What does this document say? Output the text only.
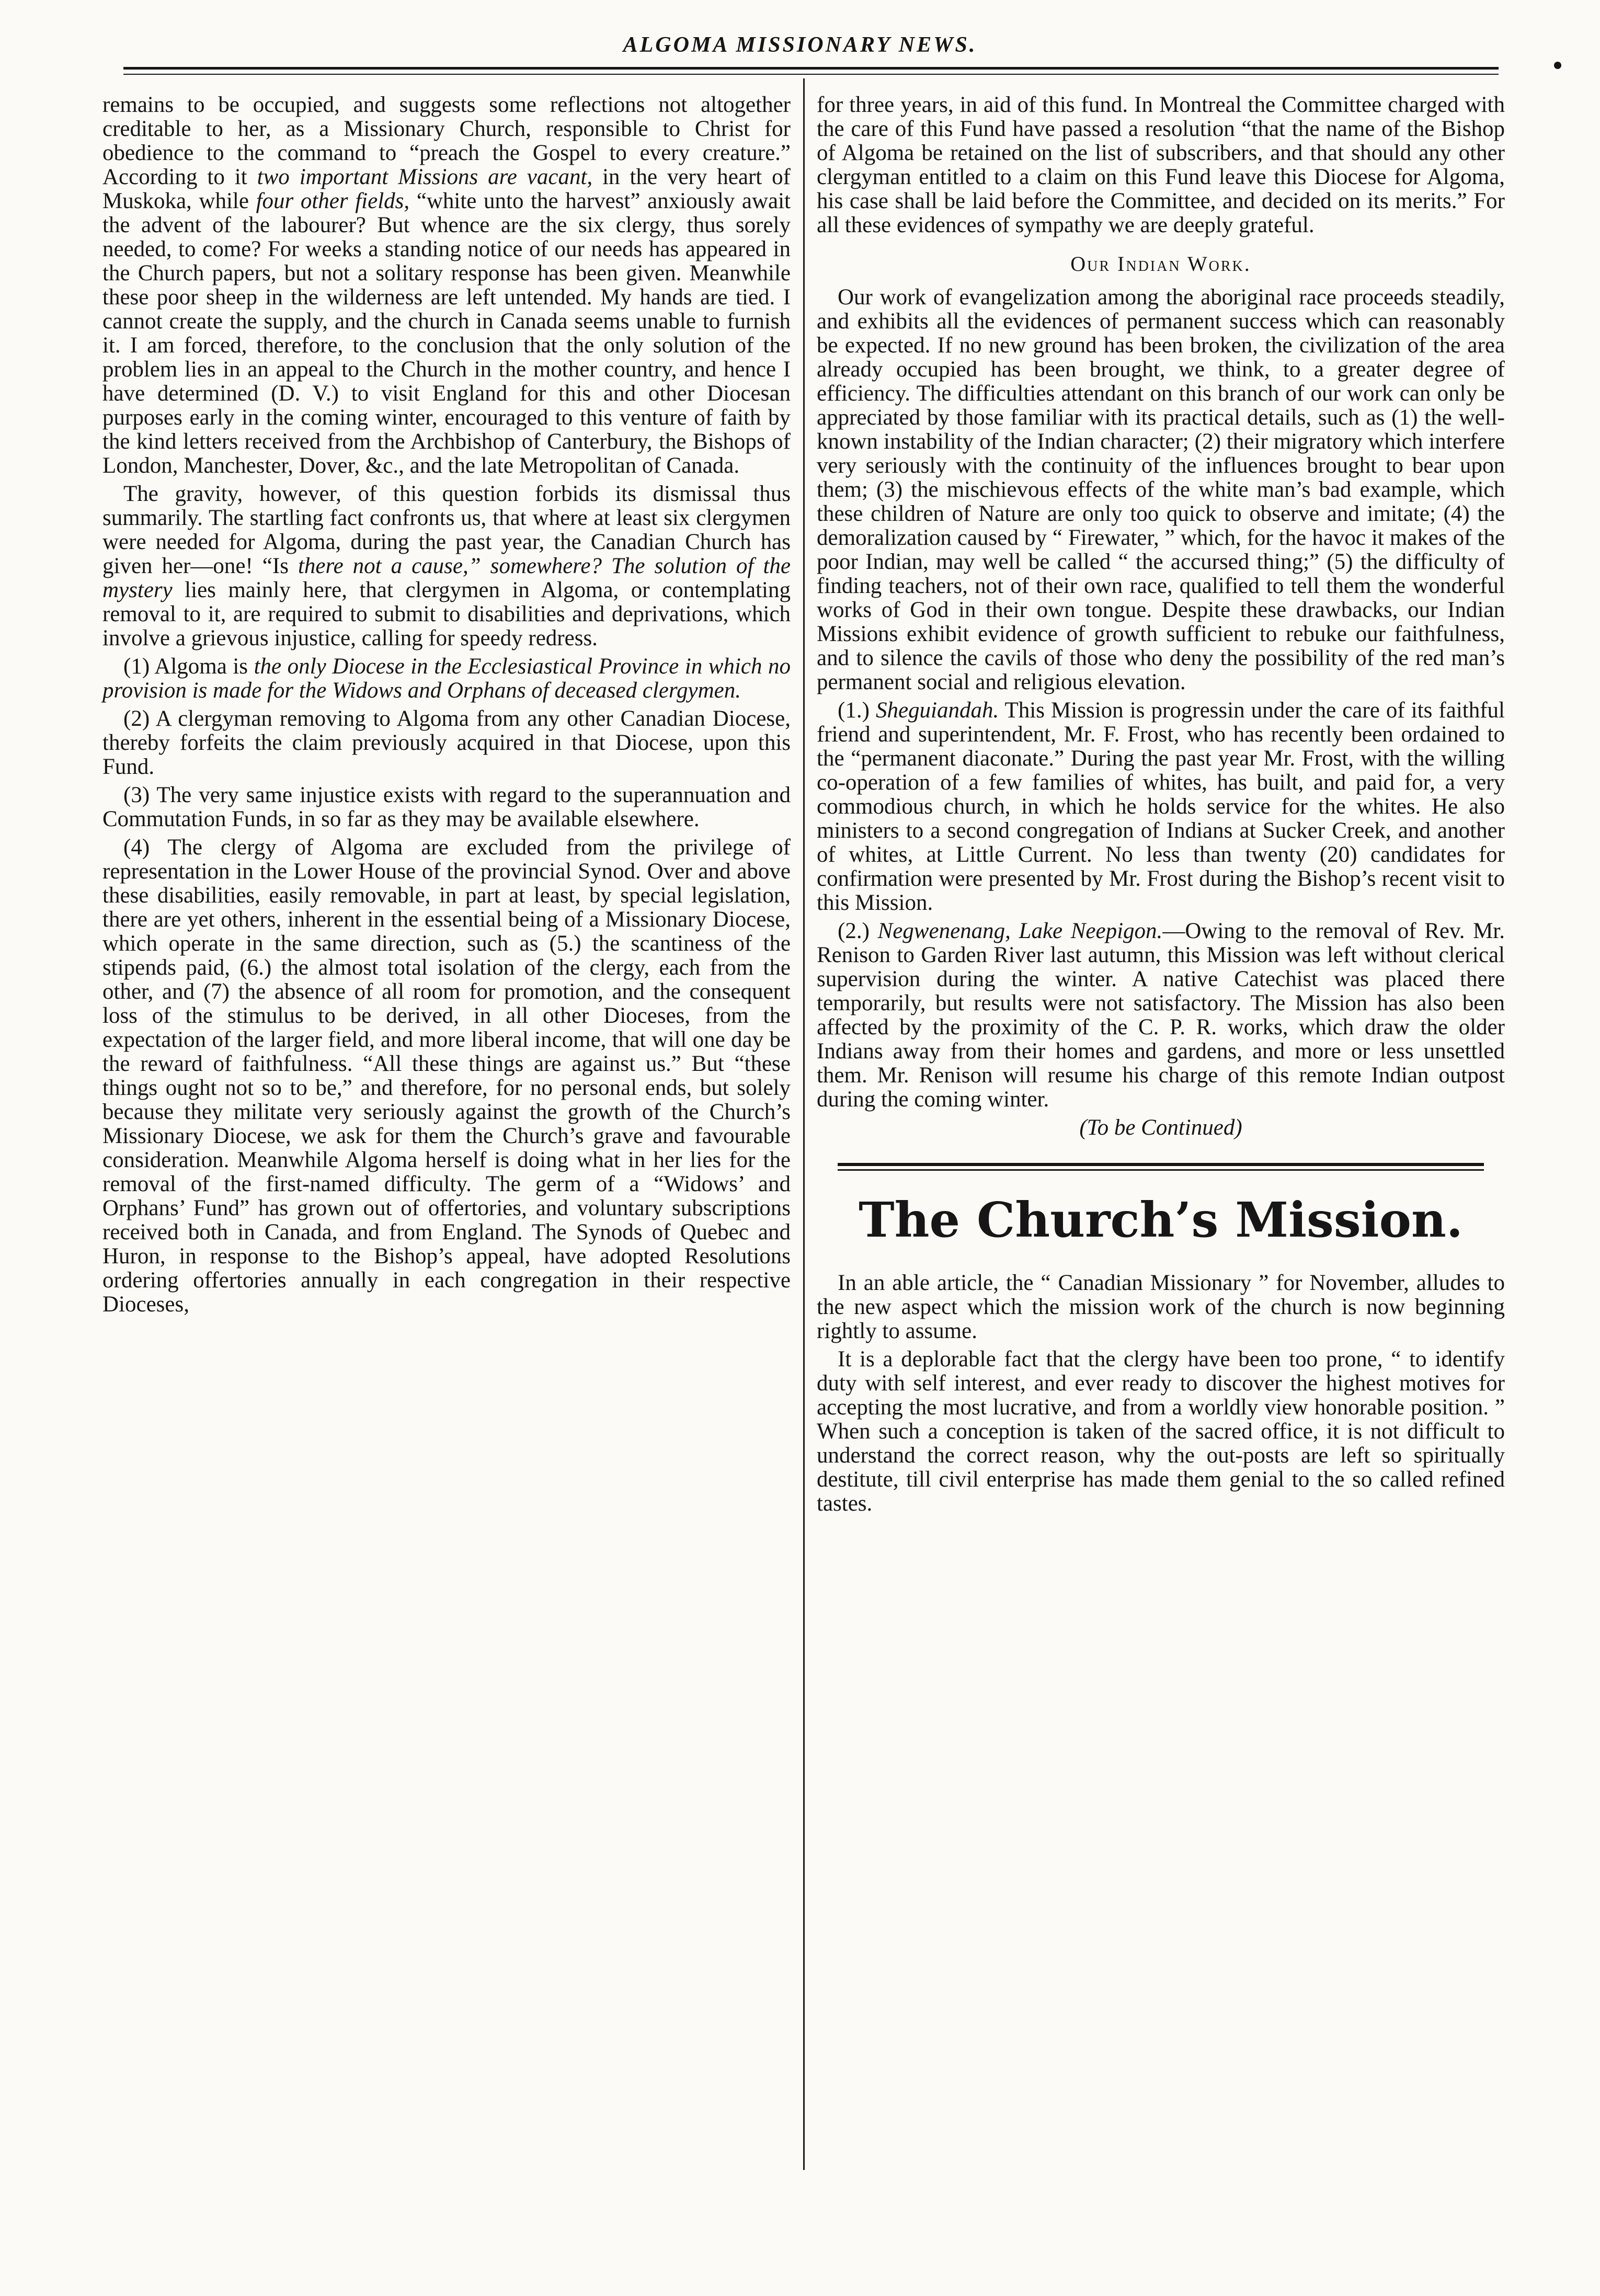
ALGOMA MISSIONARY NEWS.

remains to be occupied, and suggests some reflections not altogether creditable to her, as a Missionary Church, responsible to Christ for obedience to the command to “preach the Gospel to every creature.” According to it two important Missions are vacant, in the very heart of Muskoka, while four other fields, “white unto the harvest” anxiously await the advent of the labourer? But whence are the six clergy, thus sorely needed, to come? For weeks a standing notice of our needs has appeared in the Church papers, but not a solitary response has been given. Meanwhile these poor sheep in the wilderness are left untended. My hands are tied. I cannot create the supply, and the church in Canada seems unable to furnish it. I am forced, therefore, to the conclusion that the only solution of the problem lies in an appeal to the Church in the mother country, and hence I have determined (D. V.) to visit England for this and other Diocesan purposes early in the coming winter, encouraged to this venture of faith by the kind letters received from the Archbishop of Canterbury, the Bishops of London, Manchester, Dover, &c., and the late Metropolitan of Canada.

The gravity, however, of this question forbids its dismissal thus summarily. The startling fact confronts us, that where at least six clergymen were needed for Algoma, during the past year, the Canadian Church has given her—one! “Is there not a cause,” somewhere? The solution of the mystery lies mainly here, that clergymen in Algoma, or contemplating removal to it, are required to submit to disabilities and deprivations, which involve a grievous injustice, calling for speedy redress.

(1) Algoma is the only Diocese in the Ecclesiastical Province in which no provision is made for the Widows and Orphans of deceased clergymen.

(2) A clergyman removing to Algoma from any other Canadian Diocese, thereby forfeits the claim previously acquired in that Diocese, upon this Fund.

(3) The very same injustice exists with regard to the superannuation and Commutation Funds, in so far as they may be available elsewhere.

(4) The clergy of Algoma are excluded from the privilege of representation in the Lower House of the provincial Synod. Over and above these disabilities, easily removable, in part at least, by special legislation, there are yet others, inherent in the essential being of a Missionary Diocese, which operate in the same direction, such as (5.) the scantiness of the stipends paid, (6.) the almost total isolation of the clergy, each from the other, and (7) the absence of all room for promotion, and the consequent loss of the stimulus to be derived, in all other Dioceses, from the expectation of the larger field, and more liberal income, that will one day be the reward of faithfulness. “All these things are against us.” But “these things ought not so to be,” and therefore, for no personal ends, but solely because they militate very seriously against the growth of the Church’s Missionary Diocese, we ask for them the Church’s grave and favourable consideration. Meanwhile Algoma herself is doing what in her lies for the removal of the first-named difficulty. The germ of a “Widows’ and Orphans’ Fund” has grown out of offertories, and voluntary subscriptions received both in Canada, and from England. The Synods of Quebec and Huron, in response to the Bishop’s appeal, have adopted Resolutions ordering offertories annually in each congregation in their respective Dioceses,

for three years, in aid of this fund. In Montreal the Committee charged with the care of this Fund have passed a resolution “that the name of the Bishop of Algoma be retained on the list of subscribers, and that should any other clergyman entitled to a claim on this Fund leave this Diocese for Algoma, his case shall be laid before the Committee, and decided on its merits.” For all these evidences of sympathy we are deeply grateful.

Our Indian Work.

Our work of evangelization among the aboriginal race proceeds steadily, and exhibits all the evidences of permanent success which can reasonably be expected. If no new ground has been broken, the civilization of the area already occupied has been brought, we think, to a greater degree of efficiency. The difficulties attendant on this branch of our work can only be appreciated by those familiar with its practical details, such as (1) the well-known instability of the Indian character; (2) their migratory which interfere very seriously with the continuity of the influences brought to bear upon them; (3) the mischievous effects of the white man’s bad example, which these children of Nature are only too quick to observe and imitate; (4) the demoralization caused by “ Firewater, ” which, for the havoc it makes of the poor Indian, may well be called “ the accursed thing;” (5) the difficulty of finding teachers, not of their own race, qualified to tell them the wonderful works of God in their own tongue. Despite these drawbacks, our Indian Missions exhibit evidence of growth sufficient to rebuke our faithfulness, and to silence the cavils of those who deny the possibility of the red man’s permanent social and religious elevation.

(1.) Sheguiandah. This Mission is progressin under the care of its faithful friend and superintendent, Mr. F. Frost, who has recently been ordained to the “permanent diaconate.” During the past year Mr. Frost, with the willing co-operation of a few families of whites, has built, and paid for, a very commodious church, in which he holds service for the whites. He also ministers to a second congregation of Indians at Sucker Creek, and another of whites, at Little Current. No less than twenty (20) candidates for confirmation were presented by Mr. Frost during the Bishop’s recent visit to this Mission.

(2.) Negwenenang, Lake Neepigon.—Owing to the removal of Rev. Mr. Renison to Garden River last autumn, this Mission was left without clerical supervision during the winter. A native Catechist was placed there temporarily, but results were not satisfactory. The Mission has also been affected by the proximity of the C. P. R. works, which draw the older Indians away from their homes and gardens, and more or less unsettled them. Mr. Renison will resume his charge of this remote Indian outpost during the coming winter.

(To be Continued)

The Church’s Mission.

In an able article, the “ Canadian Missionary ” for November, alludes to the new aspect which the mission work of the church is now beginning rightly to assume.

It is a deplorable fact that the clergy have been too prone, “ to identify duty with self interest, and ever ready to discover the highest motives for accepting the most lucrative, and from a worldly view honorable position. ” When such a conception is taken of the sacred office, it is not difficult to understand the correct reason, why the out-posts are left so spiritually destitute, till civil enterprise has made them genial to the so called refined tastes.
